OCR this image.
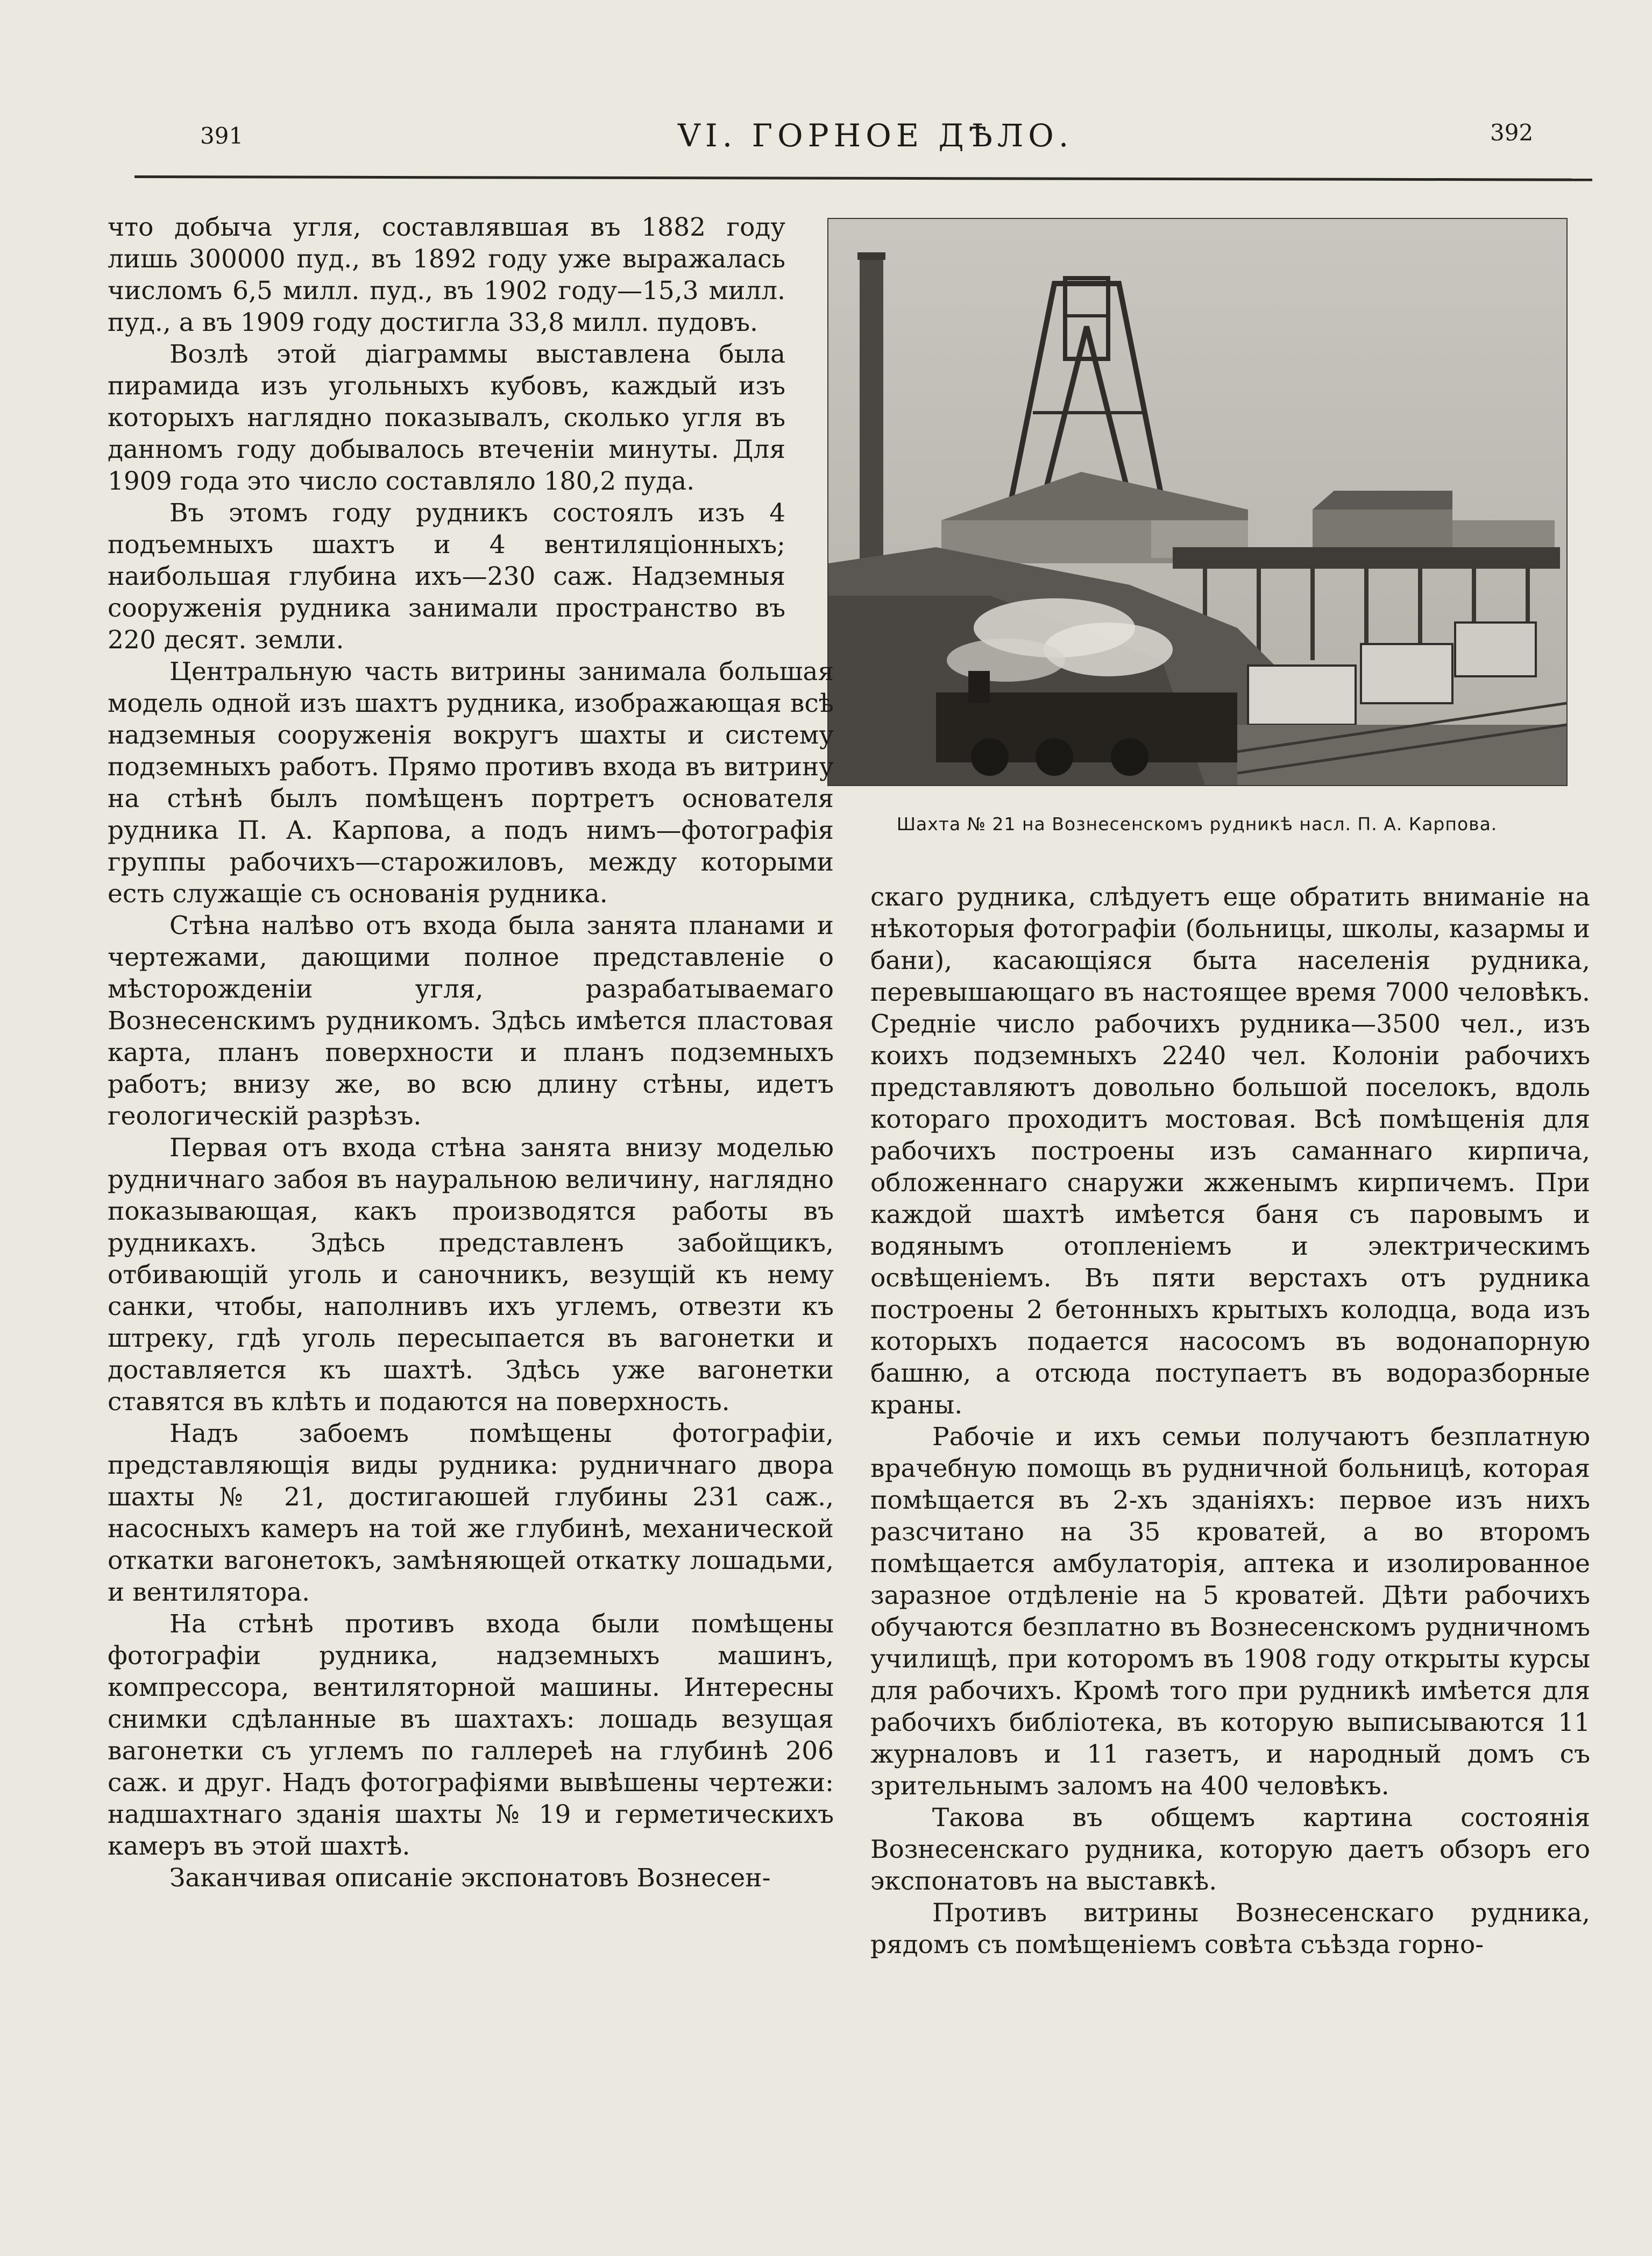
391	VI. ГОРНОЕ ДѢЛО.	392
Шахта № 21 на Вознесенскомъ рудникѣ насл. П. А. Карпова.

что добыча угля, составлявшая въ 1882 году лишь 300000 пуд., въ 1892 году уже выражалась числомъ 6,5 милл. пуд., въ 1902 году—15,3 милл. пуд., а въ 1909 году достигла 33,8 милл. пудовъ.

Возлѣ этой діаграммы выставлена была пирамида изъ угольныхъ кубовъ, каждый изъ которыхъ наглядно показывалъ, сколько угля въ данномъ году добывалось втеченіи минуты. Для 1909 года это число составляло 180,2 пуда.

Въ этомъ году рудникъ состоялъ изъ 4 подъемныхъ шахтъ и 4 вентиляціонныхъ; наибольшая глубина ихъ—230 саж. Надземныя сооруженія рудника занимали пространство въ 220 десят. земли.

Центральную часть витрины занимала большая модель одной изъ шахтъ рудника, изображающая всѣ надземныя сооруженія вокругъ шахты и систему подземныхъ работъ. Прямо противъ входа въ витрину на стѣнѣ былъ помѣщенъ портретъ основателя рудника П. А. Карпова, а подъ нимъ—фотографія группы рабочихъ—старожиловъ, между которыми есть служащіе съ основанія рудника.

Стѣна налѣво отъ входа была занята планами и чертежами, дающими полное представленіе о мѣсторожденіи угля, разрабатываемаго Вознесенскимъ рудникомъ. Здѣсь имѣется пластовая карта, планъ поверхности и планъ подземныхъ работъ; внизу же, во всю длину стѣны, идетъ геологическій разрѣзъ.

Первая отъ входа стѣна занята внизу моделью рудничнаго забоя въ науральною величину, наглядно показывающая, какъ производятся работы въ рудникахъ. Здѣсь представленъ забойщикъ, отбивающій уголь и саночникъ, везущій къ нему санки, чтобы, наполнивъ ихъ углемъ, отвезти къ штреку, гдѣ уголь пересыпается въ вагонетки и доставляется къ шахтѣ. Здѣсь уже вагонетки ставятся въ клѣть и подаются на поверхность.

Надъ забоемъ помѣщены фотографіи, представляющія виды рудника: рудничнаго двора шахты № 21, достигаюшей глубины 231 саж., насосныхъ камеръ на той же глубинѣ, механической откатки вагонетокъ, замѣняющей откатку лошадьми, и вентилятора.

На стѣнѣ противъ входа были помѣщены фотографіи рудника, надземныхъ машинъ, компрессора, вентиляторной машины. Интересны снимки сдѣланные въ шахтахъ: лошадь везущая вагонетки съ углемъ по галлереѣ на глубинѣ 206 саж. и друг. Надъ фотографіями вывѣшены чертежи: надшахтнаго зданія шахты № 19 и герметическихъ камеръ въ этой шахтѣ.

Заканчивая описаніе экспонатовъ Вознесен-

скаго рудника, слѣдуетъ еще обратить вниманіе на нѣкоторыя фотографіи (больницы, школы, казармы и бани), касающіяся быта населенія рудника, перевышающаго въ настоящее время 7000 человѣкъ. Средніе число рабочихъ рудника—3500 чел., изъ коихъ подземныхъ 2240 чел. Колоніи рабочихъ представляютъ довольно большой поселокъ, вдоль котораго проходитъ мостовая. Всѣ помѣщенія для рабочихъ построены изъ саманнаго кирпича, обложеннаго снаружи жженымъ кирпичемъ. При каждой шахтѣ имѣется баня съ паровымъ и водянымъ отопленіемъ и электрическимъ освѣщеніемъ. Въ пяти верстахъ отъ рудника построены 2 бетонныхъ крытыхъ колодца, вода изъ которыхъ подается насосомъ въ водонапорную башню, а отсюда поступаетъ въ водоразборные краны.

Рабочіе и ихъ семьи получаютъ безплатную врачебную помощь въ рудничной больницѣ, которая помѣщается въ 2-хъ зданіяхъ: первое изъ нихъ разсчитано на 35 кроватей, а во второмъ помѣщается амбулаторія, аптека и изолированное заразное отдѣленіе на 5 кроватей. Дѣти рабочихъ обучаются безплатно въ Вознесенскомъ рудничномъ училищѣ, при которомъ въ 1908 году открыты курсы для рабочихъ. Кромѣ того при рудникѣ имѣется для рабочихъ библіотека, въ которую выписываются 11 журналовъ и 11 газетъ, и народный домъ съ зрительнымъ заломъ на 400 человѣкъ.

Такова въ общемъ картина состоянія Вознесенскаго рудника, которую даетъ обзоръ его экспонатовъ на выставкѣ.

Противъ витрины Вознесенскаго рудника, рядомъ съ помѣщеніемъ совѣта съѣзда горно-
